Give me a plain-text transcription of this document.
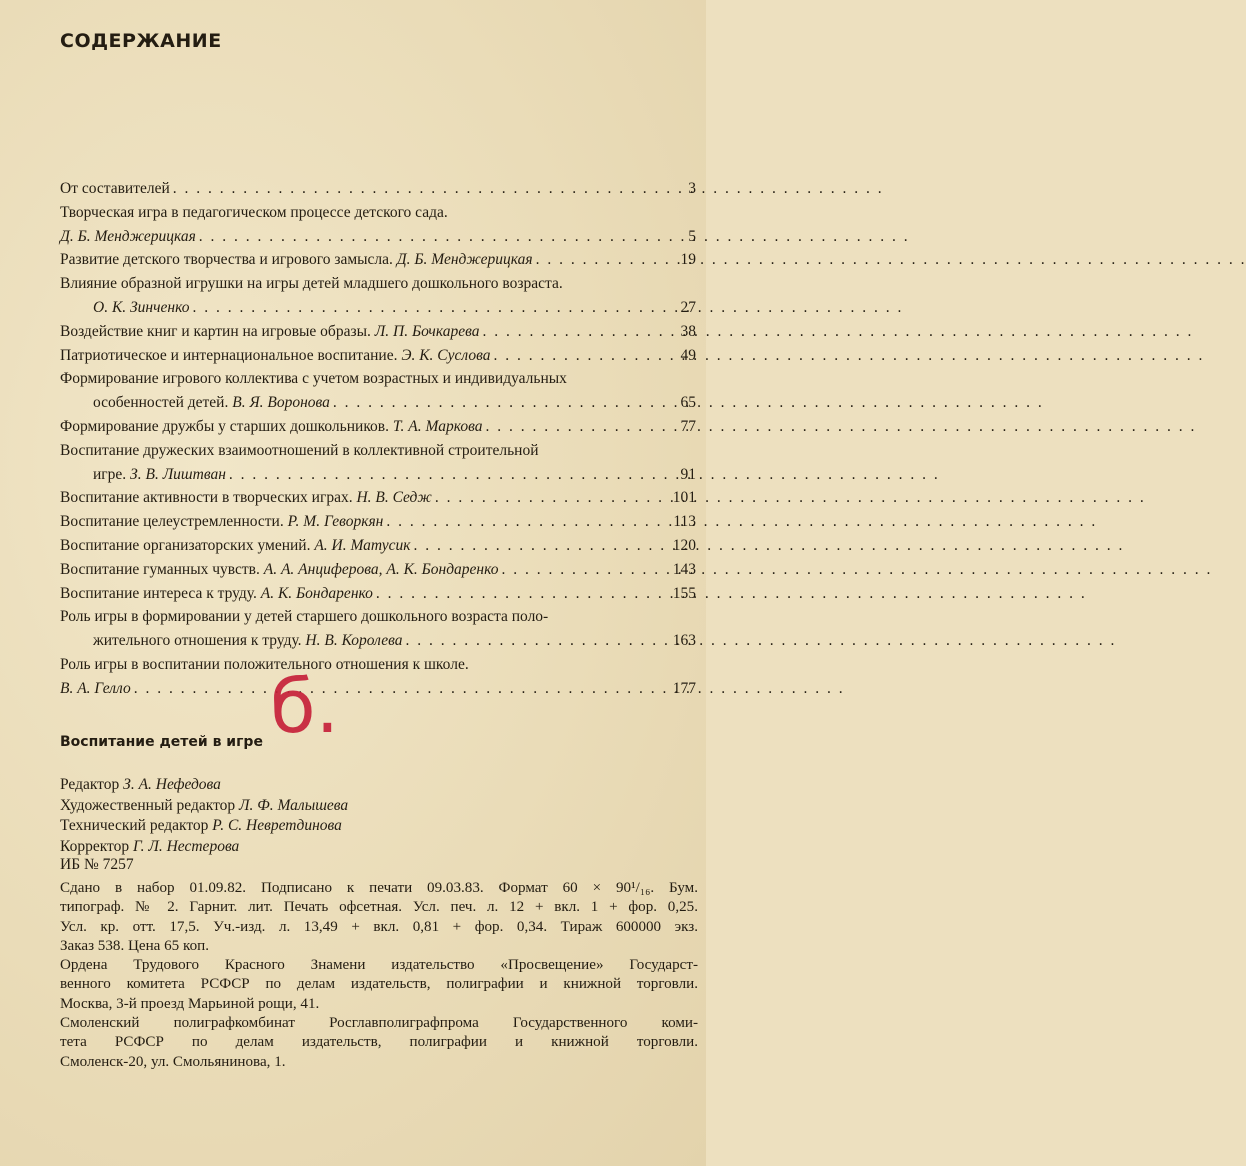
СОДЕРЖАНИЕ
От составителей . . .	3
Творческая игра в педагогическом процессе детского сада.
Д. Б. Менджерицкая . . .	5
Развитие детского творчества и игрового замысла. Д. Б. Менджерицкая . . .	19
Влияние образной игрушки на игры детей младшего дошкольного возраста.
О. К. Зинченко . . .	27
Воздействие книг и картин на игровые образы. Л. П. Бочкарева . . .	38
Патриотическое и интернациональное воспитание. Э. К. Суслова . . .	49
Формирование игрового коллектива с учетом возрастных и индивидуальных
особенностей детей. В. Я. Воронова . . .	65
Формирование дружбы у старших дошкольников. Т. А. Маркова . . .	77
Воспитание дружеских взаимоотношений в коллективной строительной
игре. З. В. Лиштван . . .	91
Воспитание активности в творческих играх. Н. В. Седж . . .	101
Воспитание целеустремленности. Р. М. Геворкян . . .	113
Воспитание организаторских умений. А. И. Матусик . . .	120
Воспитание гуманных чувств. А. А. Анциферова, А. К. Бондаренко . . .	143
Воспитание интереса к труду. А. К. Бондаренко . . .	155
Роль игры в формировании у детей старшего дошкольного возраста поло-
жительного отношения к труду. Н. В. Королева . . .	163
Роль игры в воспитании положительного отношения к школе.
В. А. Гелло . . .	177
б.
Воспитание детей в игре
Редактор З. А. Нефедова
Художественный редактор Л. Ф. Малышева
Технический редактор Р. С. Невретдинова
Корректор Г. Л. Нестерова

ИБ № 7257

Сдано в набор 01.09.82. Подписано к печати 09.03.83. Формат 60 × 90¹/₁₆. Бум.
типограф. № 2. Гарнит. лит. Печать офсетная. Усл. печ. л. 12 + вкл. 1 + фор. 0,25.
Усл. кр. отт. 17,5. Уч.-изд. л. 13,49 + вкл. 0,81 + фор. 0,34. Тираж 600000 экз.
Заказ 538. Цена 65 коп.
Ордена Трудового Красного Знамени издательство «Просвещение» Государст-
венного комитета РСФСР по делам издательств, полиграфии и книжной торговли.
Москва, 3-й проезд Марьиной рощи, 41.
Смоленский полиграфкомбинат Росглавполиграфпрома Государственного коми-
тета РСФСР по делам издательств, полиграфии и книжной торговли.
Смоленск-20, ул. Смольянинова, 1.
